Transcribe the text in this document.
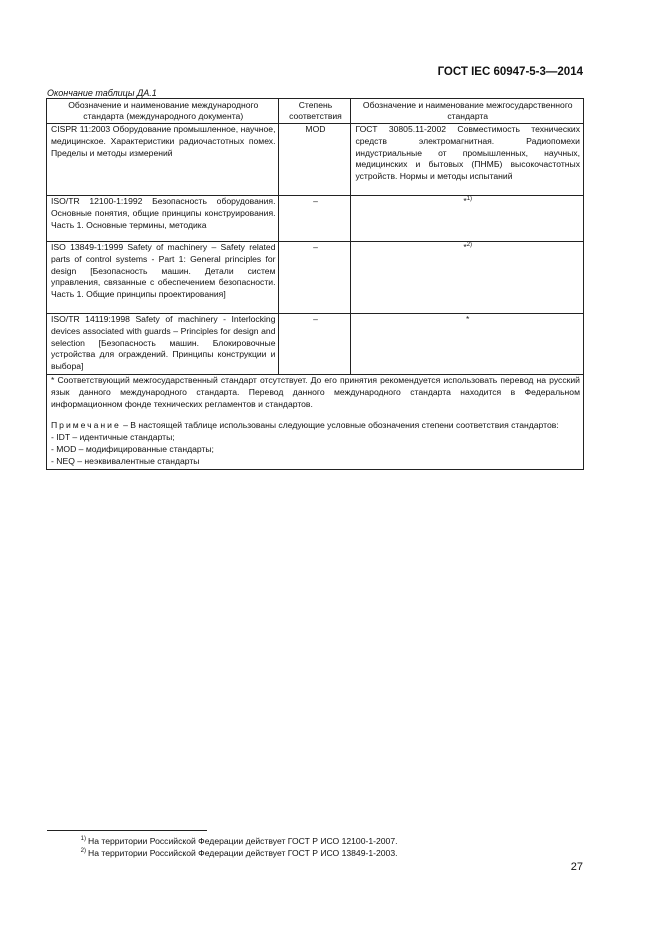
ГОСТ IEC 60947-5-3—2014
Окончание таблицы ДА.1
Обозначение и наименование международного стандарта (международного документа)	Степень соответствия	Обозначение и наименование межгосударственного стандарта
CISPR 11:2003 Оборудование промышленное, научное, медицинское. Характеристики радиочастотных помех. Пределы и методы измерений	MOD	ГОСТ 30805.11-2002 Совместимость технических средств электромагнитная. Радиопомехи индустриальные от промышленных, научных, медицинских и бытовых (ПНМБ) высокочастотных устройств. Нормы и методы испытаний
ISO/TR 12100-1:1992 Безопасность оборудования. Основные понятия, общие принципы конструирования. Часть 1. Основные термины, методика	–	*$^{1)}$
ISO 13849-1:1999 Safety of machinery – Safety related parts of control systems - Part 1: General principles for design [Безопасность машин. Детали систем управления, связанные с обеспечением безопасности. Часть 1. Общие принципы проектирования]	–	*$^{2)}$
ISO/TR 14119:1998 Safety of machinery - Interlocking devices associated with guards – Principles for design and selection [Безопасность машин. Блокировочные устройства для ограждений. Принципы конструкции и выбора]	–	*

* Соответствующий межгосударственный стандарт отсутствует. До его принятия рекомендуется использовать перевод на русский язык данного международного стандарта. Перевод данного международного стандарта находится в Федеральном информационном фонде технических регламентов и стандартов.
Примечание – В настоящей таблице использованы следующие условные обозначения степени соответствия стандартов:
- IDT – идентичные стандарты;
- MOD – модифицированные стандарты;
- NEQ – неэквивалентные стандарты		
1) На территории Российской Федерации действует ГОСТ Р ИСО 12100-1-2007.
2) На территории Российской Федерации действует ГОСТ Р ИСО 13849-1-2003.
27
